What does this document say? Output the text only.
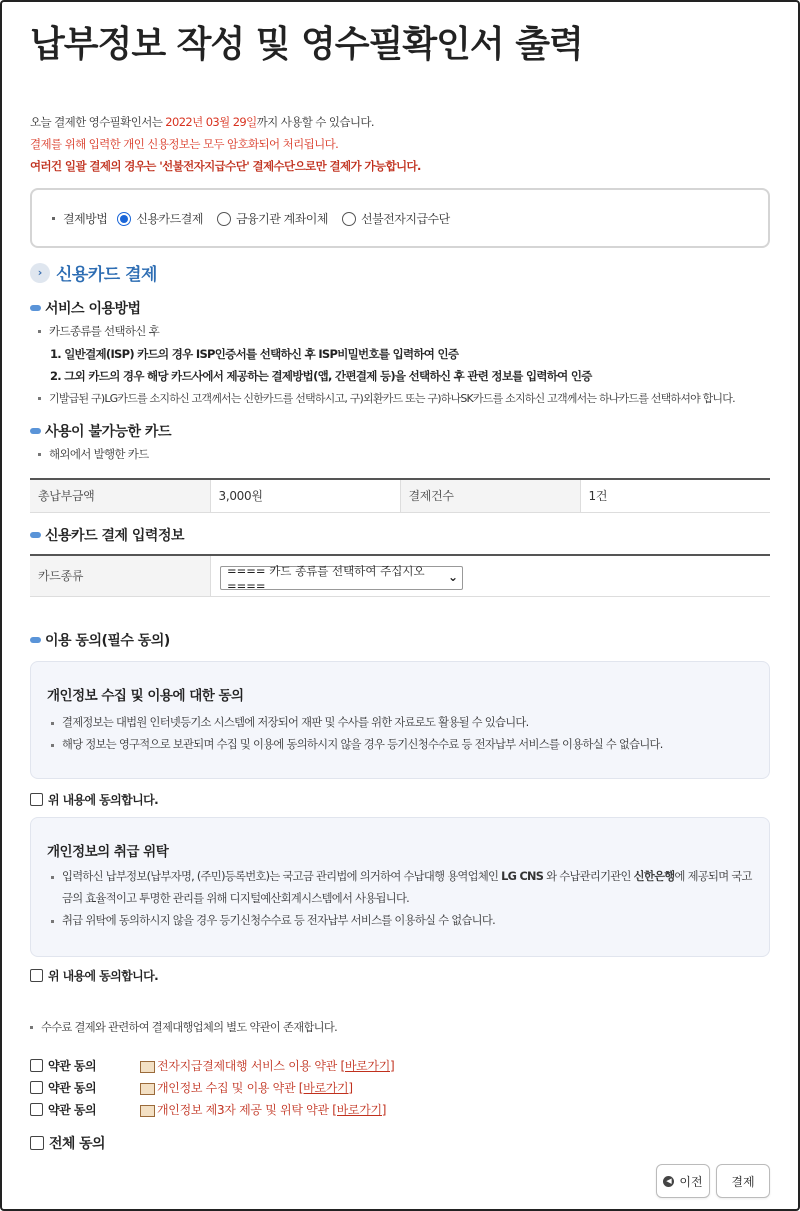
납부정보 작성 및 영수필확인서 출력
오늘 결제한 영수필확인서는 2022년 03월 29일까지 사용할 수 있습니다.
결제를 위해 입력한 개인 신용정보는 모두 암호화되어 처리됩니다.
여러건 일괄 결제의 경우는 '선불전자지급수단' 결제수단으로만 결제가 가능합니다.
결제방법 신용카드결제	금융기관 계좌이체	선불전자지급수단
› 신용카드 결제
서비스 이용방법
카드종류를 선택하신 후
1. 일반결제(ISP) 카드의 경우 ISP인증서를 선택하신 후 ISP비밀번호를 입력하여 인증
2. 그외 카드의 경우 해당 카드사에서 제공하는 결제방법(앱, 간편결제 등)을 선택하신 후 관련 정보를 입력하여 인증
기발급된 구)LG카드를 소지하신 고객께서는 신한카드를 선택하시고, 구)외환카드 또는 구)하나SK카드를 소지하신 고객께서는 하나카드를 선택하셔야 합니다.
사용이 불가능한 카드
해외에서 발행한 카드
총납부금액	3,000원	결제건수	1건
신용카드 결제 입력정보
카드종류		==== 카드 종류를 선택하여 주십시오 ====
⌄
이용 동의(필수 동의)
개인정보 수집 및 이용에 대한 동의
결제정보는 대법원 인터넷등기소 시스템에 저장되어 재판 및 수사를 위한 자료로도 활용될 수 있습니다.
해당 정보는 영구적으로 보관되며 수집 및 이용에 동의하시지 않을 경우 등기신청수수료 등 전자납부 서비스를 이용하실 수 없습니다.
위 내용에 동의합니다.
개인정보의 취급 위탁
입력하신 납부정보(납부자명, (주민)등록번호)는 국고금 관리법에 의거하여 수납대행 용역업체인 LG CNS 와 수납관리기관인 신한은행에 제공되며 국고금의 효율적이고 투명한 관리를 위해 디지털예산회계시스템에서 사용됩니다.
취급 위탁에 동의하시지 않을 경우 등기신청수수료 등 전자납부 서비스를 이용하실 수 없습니다.
위 내용에 동의합니다.
수수료 결제와 관련하여 결제대행업체의 별도 약관이 존재합니다.
약관 동의	전자지급결제대행 서비스 이용 약관 [바로가기]
약관 동의	개인정보 수집 및 이용 약관 [바로가기]
약관 동의	개인정보 제3자 제공 및 위탁 약관 [바로가기]
전체 동의
◀ 이전 결제
